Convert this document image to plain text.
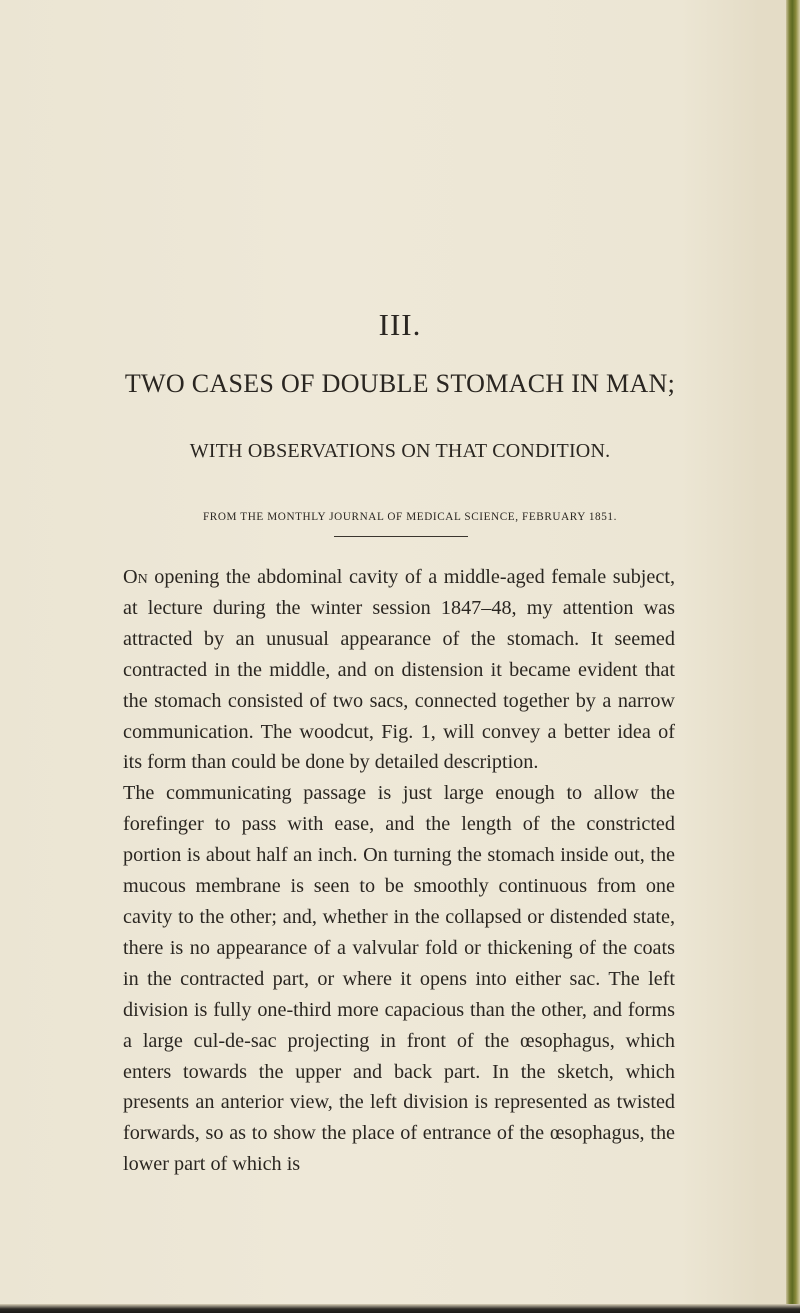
III.
TWO CASES OF DOUBLE STOMACH IN MAN;
WITH OBSERVATIONS ON THAT CONDITION.
FROM THE MONTHLY JOURNAL OF MEDICAL SCIENCE, FEBRUARY 1851.

On opening the abdominal cavity of a middle-aged female subject, at lecture during the winter session 1847–48, my attention was attracted by an unusual appearance of the stomach. It seemed contracted in the middle, and on distension it became evident that the stomach consisted of two sacs, connected together by a narrow communication. The woodcut, Fig. 1, will convey a better idea of its form than could be done by detailed description.

The communicating passage is just large enough to allow the forefinger to pass with ease, and the length of the constricted portion is about half an inch. On turning the stomach inside out, the mucous membrane is seen to be smoothly continuous from one cavity to the other; and, whether in the collapsed or distended state, there is no appearance of a valvular fold or thickening of the coats in the contracted part, or where it opens into either sac. The left division is fully one-third more capacious than the other, and forms a large cul-de-sac projecting in front of the œsophagus, which enters towards the upper and back part. In the sketch, which presents an anterior view, the left division is represented as twisted forwards, so as to show the place of entrance of the œsophagus, the lower part of which is
